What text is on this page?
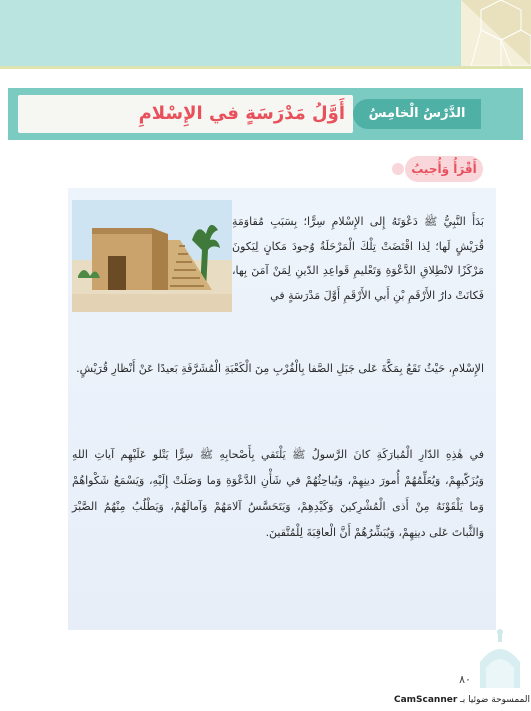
الدَّرْسُ الْخامِسُ
أَوَّلُ مَدْرَسَةٍ في الإِسْلامِ
أَقْرَأُ وَأُجيبُ
بَدَأَ النَّبِيُّ ﷺ دَعْوَتَهُ إِلى الإِسْلامِ سِرًّا؛ بِسَبَبِ مُقاوَمَةِ قُرَيْشٍ لَها؛ لِذا اقْتَضَتْ تِلْكَ الْمَرْحَلَةُ وُجودَ مَكانٍ لِيَكونَ مَرْكَزًا لانْطِلاقِ الدَّعْوَةِ وَتَعْليمِ قَواعِدِ الدّينِ لِمَنْ آمَنَ بِها، فَكانَتْ دارُ الأَرْقَمِ بْنِ أَبي الأَرْقَمِ أَوَّلَ مَدْرَسَةٍ في
الإِسْلامِ، حَيْثُ تَقَعُ بِمَكَّةَ عَلى جَبَلِ الصَّفا بِالْقُرْبِ مِنَ الْكَعْبَةِ الْمُشَرَّفَةِ بَعيدًا عَنْ أَنْظارِ قُرَيْشٍ.
في هٰذِهِ الدّارِ الْمُبارَكَةِ كانَ الرَّسولُ ﷺ يَلْتَقي بِأَصْحابِهِ ﷺ سِرًّا يَتْلو عَلَيْهِم آياتِ اللهِ وَيُزَكّيهِمْ، وَيُعَلِّمُهُمْ أُمورَ دينِهِمْ، وَيُباحِثُهُمْ في شَأْنِ الدَّعْوَةِ وَما وَصَلَتْ إِلَيْهِ، وَيَسْمَعُ شَكْواهُمْ وَما يَلْقَوْنَهُ مِنْ أَذى الْمُشْرِكينَ وَكَيْدِهِمْ، وَيَتَحَسَّسُ آلامَهُمْ وَآمالَهُمْ، وَيَطْلُبُ مِنْهُمُ الصَّبْرَ وَالثَّباتَ عَلى دينِهِمْ، وَيُبَشِّرُهُمْ أَنَّ الْعاقِبَةَ لِلْمُتَّقينَ.
٨٠
الممسوحة ضوئيا بـ CamScanner
